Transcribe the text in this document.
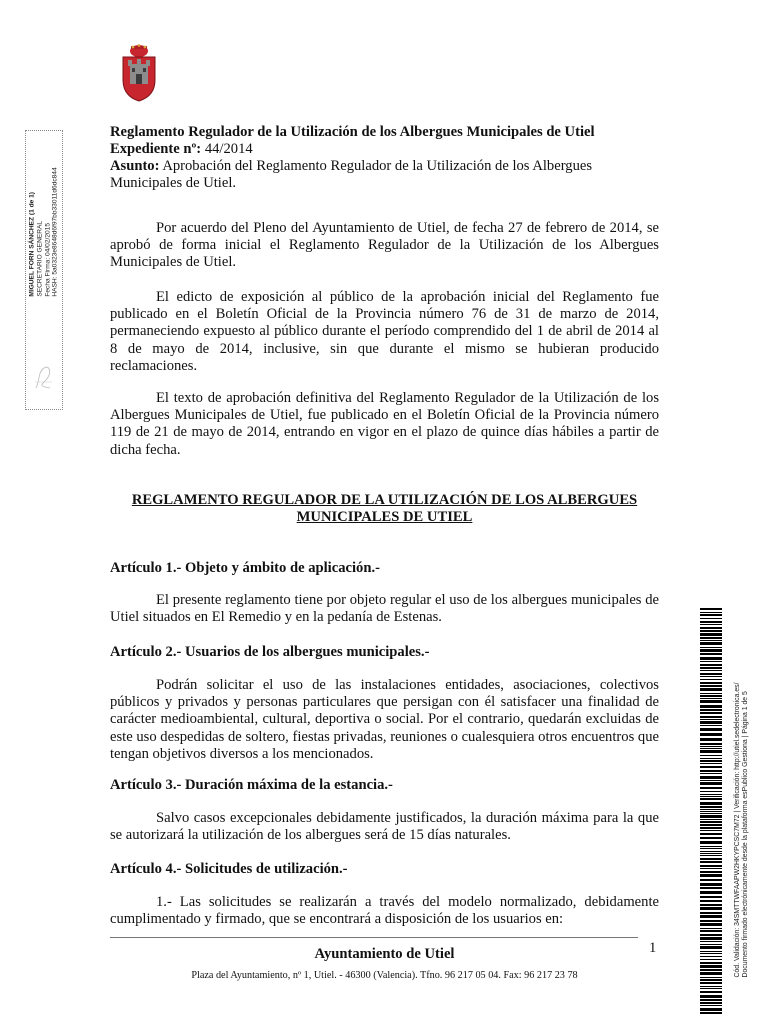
Reglamento Regulador de la Utilización de los Albergues Municipales de Utiel

Expediente nº: 44/2014

Asunto: Aprobación del Reglamento Regulador de la Utilización de los Albergues Municipales de Utiel.

Por acuerdo del Pleno del Ayuntamiento de Utiel, de fecha 27 de febrero de 2014, se aprobó de forma inicial el Reglamento Regulador de la Utilización de los Albergues Municipales de Utiel.

El edicto de exposición al público de la aprobación inicial del Reglamento fue publicado en el Boletín Oficial de la Provincia número 76 de 31 de marzo de 2014, permaneciendo expuesto al público durante el período comprendido del 1 de abril de 2014 al 8 de mayo de 2014, inclusive, sin que durante el mismo se hubieran producido reclamaciones.

El texto de aprobación definitiva del Reglamento Regulador de la Utilización de los Albergues Municipales de Utiel, fue publicado en el Boletín Oficial de la Provincia número 119 de 21 de mayo de 2014, entrando en vigor en el plazo de quince días hábiles a partir de dicha fecha.

REGLAMENTO REGULADOR DE LA UTILIZACIÓN DE LOS ALBERGUES
MUNICIPALES DE UTIEL

Artículo 1.- Objeto y ámbito de aplicación.-

El presente reglamento tiene por objeto regular el uso de los albergues municipales de Utiel situados en El Remedio y en la pedanía de Estenas.

Artículo 2.- Usuarios de los albergues municipales.-

Podrán solicitar el uso de las instalaciones entidades, asociaciones, colectivos públicos y privados y personas particulares que persigan con él satisfacer una finalidad de carácter medioambiental, cultural, deportiva o social. Por el contrario, quedarán excluidas de este uso despedidas de soltero, fiestas privadas, reuniones o cualesquiera otros encuentros que tengan objetivos diversos a los mencionados.

Artículo 3.- Duración máxima de la estancia.-

Salvo casos excepcionales debidamente justificados, la duración máxima para la que se autorizará la utilización de los albergues será de 15 días naturales.

Artículo 4.- Solicitudes de utilización.-

1.- Las solicitudes se realizarán a través del modelo normalizado, debidamente cumplimentado y firmado, que se encontrará a disposición de los usuarios en:

MIGUEL FORN SÁNCHEZ (1 de 1) SECRETARIO GENERAL Fecha Firma: 04/02/2015 HASH: 5a0323e8648d6f97bb33011d6dc844
Cód. Validación: 34SMTTWFAAPW2HKYPCSC7M72 | Verificación: http://utiel.sedelectronica.es/ Documento firmado electrónicamente desde la plataforma esPublico Gestiona | Página 1 de 5
1
Ayuntamiento de Utiel
Plaza del Ayuntamiento, nº 1, Utiel. - 46300 (Valencia). Tfno. 96 217 05 04. Fax: 96 217 23 78
